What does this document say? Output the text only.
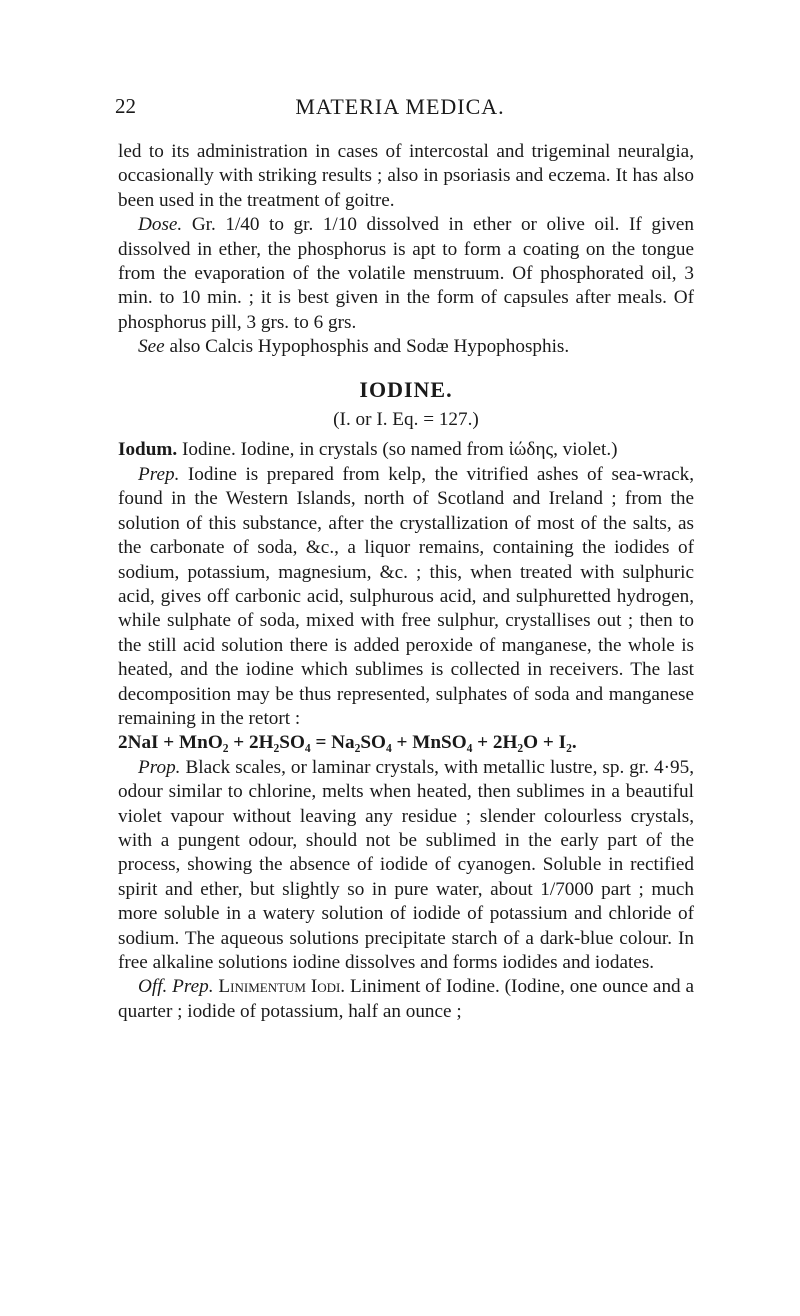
22	MATERIA MEDICA.

led to its administration in cases of intercostal and trigeminal neuralgia, occasionally with striking results ; also in psoriasis and eczema. It has also been used in the treatment of goitre.

Dose. Gr. 1/40 to gr. 1/10 dissolved in ether or olive oil. If given dissolved in ether, the phosphorus is apt to form a coating on the tongue from the evaporation of the volatile menstruum. Of phosphorated oil, 3 min. to 10 min. ; it is best given in the form of capsules after meals. Of phosphorus pill, 3 grs. to 6 grs.

See also Calcis Hypophosphis and Sodæ Hypophosphis.

IODINE.
(I. or I. Eq. = 127.)

Iodum. Iodine. Iodine, in crystals (so named from ἰώδης, violet.)

Prep. Iodine is prepared from kelp, the vitrified ashes of sea-wrack, found in the Western Islands, north of Scotland and Ireland ; from the solution of this substance, after the crystallization of most of the salts, as the carbonate of soda, &c., a liquor remains, containing the iodides of sodium, potassium, magnesium, &c. ; this, when treated with sulphuric acid, gives off carbonic acid, sulphurous acid, and sulphuretted hydrogen, while sulphate of soda, mixed with free sulphur, crystallises out ; then to the still acid solution there is added peroxide of manganese, the whole is heated, and the iodine which sublimes is collected in receivers. The last decomposition may be thus represented, sulphates of soda and manganese remaining in the retort :

2NaI + MnO₂ + 2H₂SO₄ = Na₂SO₄ + MnSO₄ + 2H₂O + I₂.

Prop. Black scales, or laminar crystals, with metallic lustre, sp. gr. 4·95, odour similar to chlorine, melts when heated, then sublimes in a beautiful violet vapour without leaving any residue ; slender colourless crystals, with a pungent odour, should not be sublimed in the early part of the process, showing the absence of iodide of cyanogen. Soluble in rectified spirit and ether, but slightly so in pure water, about 1/7000 part ; much more soluble in a watery solution of iodide of potassium and chloride of sodium. The aqueous solutions precipitate starch of a dark-blue colour. In free alkaline solutions iodine dissolves and forms iodides and iodates.

Off. Prep. Linimentum Iodi. Liniment of Iodine. (Iodine, one ounce and a quarter ; iodide of potassium, half an ounce ;
